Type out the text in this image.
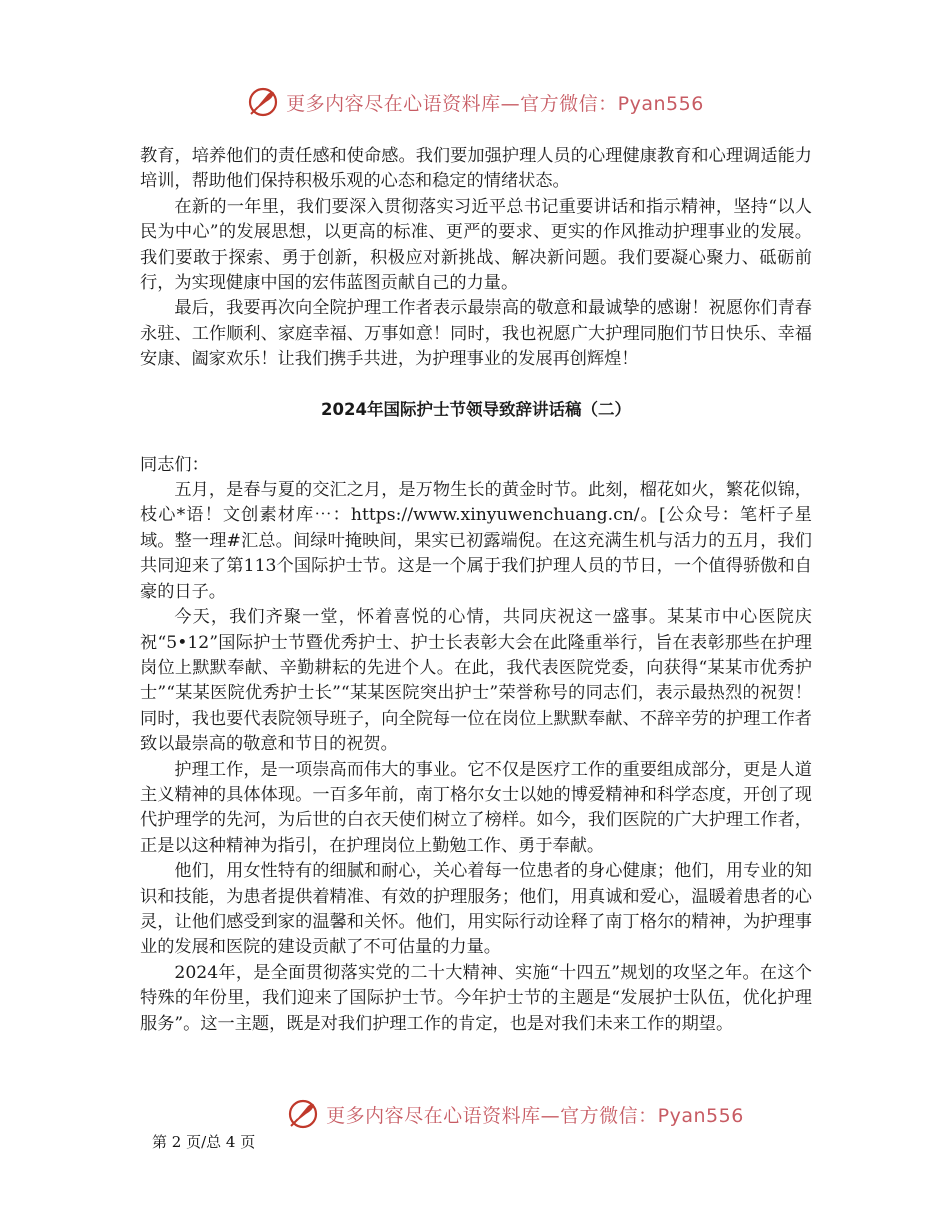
更多内容尽在心语资料库—官方微信：Pyan556

教育，培养他们的责任感和使命感。我们要加强护理人员的心理健康教育和心理调适能力培训，帮助他们保持积极乐观的心态和稳定的情绪状态。

在新的一年里，我们要深入贯彻落实习近平总书记重要讲话和指示精神，坚持“以人民为中心”的发展思想，以更高的标准、更严的要求、更实的作风推动护理事业的发展。我们要敢于探索、勇于创新，积极应对新挑战、解决新问题。我们要凝心聚力、砥砺前行，为实现健康中国的宏伟蓝图贡献自己的力量。

最后，我要再次向全院护理工作者表示最崇高的敬意和最诚挚的感谢！祝愿你们青春永驻、工作顺利、家庭幸福、万事如意！同时，我也祝愿广大护理同胞们节日快乐、幸福安康、阖家欢乐！让我们携手共进，为护理事业的发展再创辉煌！

2024年国际护士节领导致辞讲话稿（二）

同志们：

五月，是春与夏的交汇之月，是万物生长的黄金时节。此刻，榴花如火，繁花似锦，枝心*语！文创素材库⋯：https://www.xinyuwenchuang.cn/。[公众号：笔杆子星域。整一理#汇总。间绿叶掩映间，果实已初露端倪。在这充满生机与活力的五月，我们共同迎来了第113个国际护士节。这是一个属于我们护理人员的节日，一个值得骄傲和自豪的日子。

今天，我们齐聚一堂，怀着喜悦的心情，共同庆祝这一盛事。某某市中心医院庆祝“5•12”国际护士节暨优秀护士、护士长表彰大会在此隆重举行，旨在表彰那些在护理岗位上默默奉献、辛勤耕耘的先进个人。在此，我代表医院党委，向获得“某某市优秀护士”“某某医院优秀护士长”“某某医院突出护士”荣誉称号的同志们，表示最热烈的祝贺！同时，我也要代表院领导班子，向全院每一位在岗位上默默奉献、不辞辛劳的护理工作者致以最崇高的敬意和节日的祝贺。

护理工作，是一项崇高而伟大的事业。它不仅是医疗工作的重要组成部分，更是人道主义精神的具体体现。一百多年前，南丁格尔女士以她的博爱精神和科学态度，开创了现代护理学的先河，为后世的白衣天使们树立了榜样。如今，我们医院的广大护理工作者，正是以这种精神为指引，在护理岗位上勤勉工作、勇于奉献。

他们，用女性特有的细腻和耐心，关心着每一位患者的身心健康；他们，用专业的知识和技能，为患者提供着精准、有效的护理服务；他们，用真诚和爱心，温暖着患者的心灵，让他们感受到家的温馨和关怀。他们，用实际行动诠释了南丁格尔的精神，为护理事业的发展和医院的建设贡献了不可估量的力量。

2024年，是全面贯彻落实党的二十大精神、实施“十四五”规划的攻坚之年。在这个特殊的年份里，我们迎来了国际护士节。今年护士节的主题是“发展护士队伍，优化护理服务”。这一主题，既是对我们护理工作的肯定，也是对我们未来工作的期望。

更多内容尽在心语资料库—官方微信：Pyan556
第 2 页/总 4 页
